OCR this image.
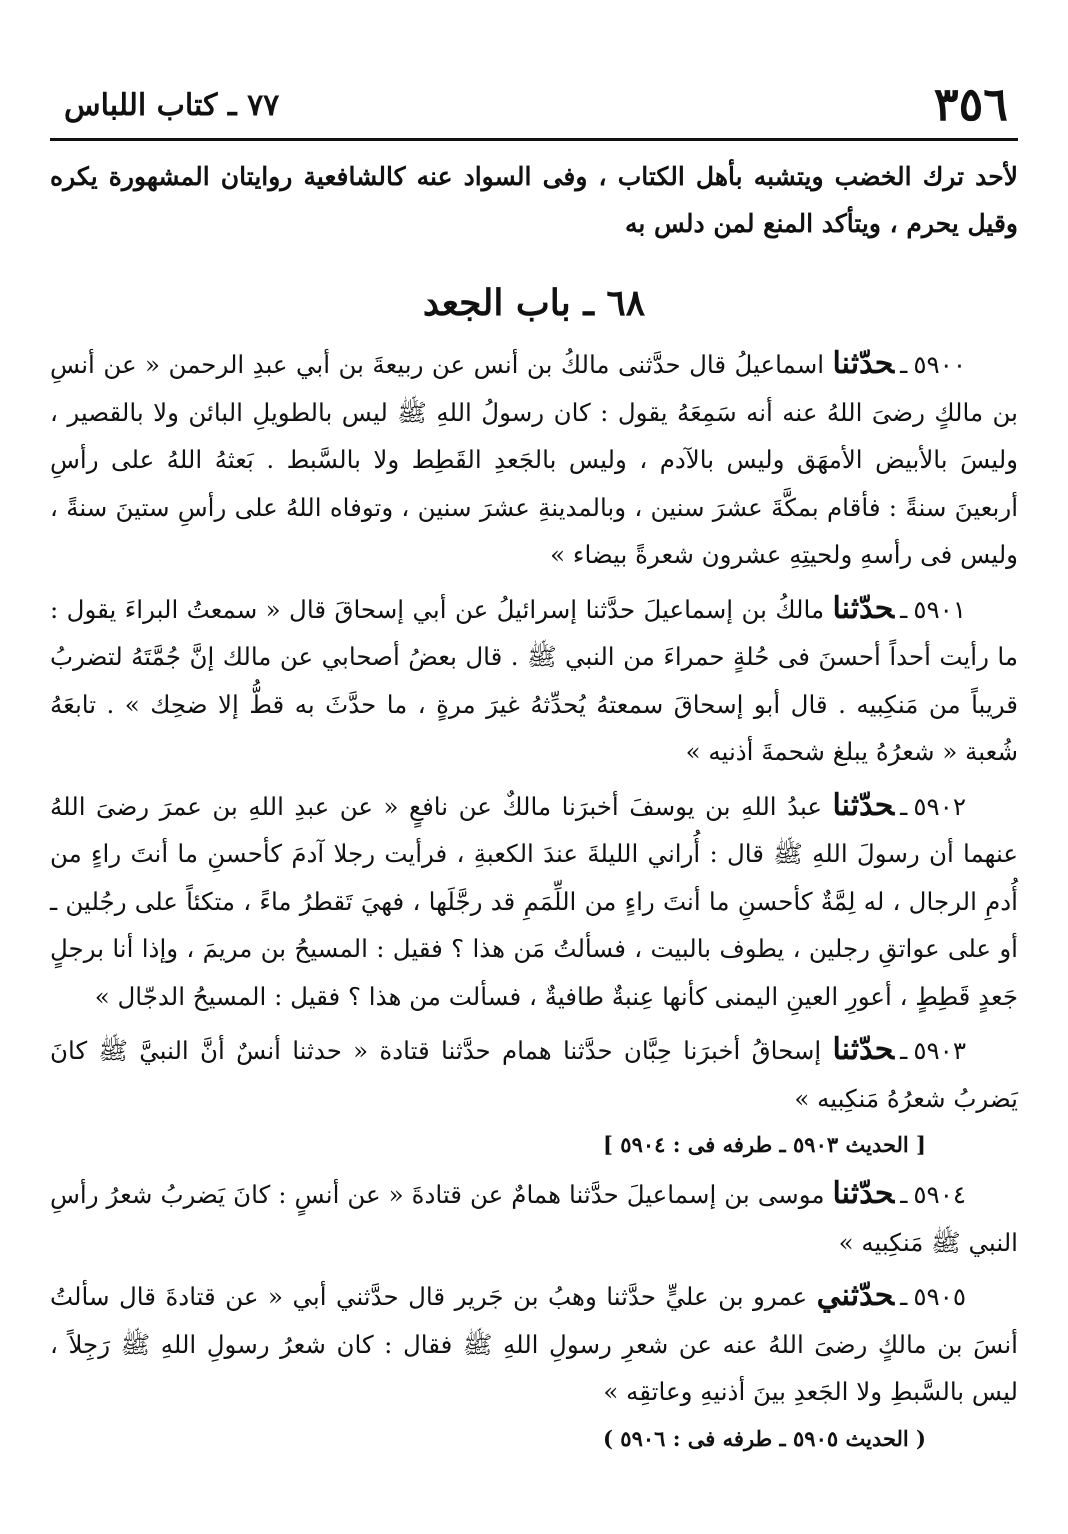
٣٥٦
٧٧ ـ كتاب اللباس

لأحد ترك الخضب ويتشبه بأهل الكتاب ، وفى السواد عنه كالشافعية روايتان المشهورة يكره وقيل يحرم ، ويتأكد المنع لمن دلس به

٦٨ ـ باب الجعد

٥٩٠٠ـحدّثنا اسماعيلُ قال حدَّثنى مالكُ بن أنس عن ربيعةَ بن أبي عبدِ الرحمن « عن أنسِ بن مالكٍ رضىَ اللهُ عنه أنه سَمِعَهُ يقول : كان رسولُ اللهِ ﷺ ليس بالطويلِ البائن ولا بالقصير ، وليسَ بالأبيض الأمهَق وليس بالآدم ، وليس بالجَعدِ القَطِط ولا بالسَّبط . بَعثهُ اللهُ على رأسِ أربعينَ سنةً : فأقام بمكَّةَ عشرَ سنين ، وبالمدينةِ عشرَ سنين ، وتوفاه اللهُ على رأسِ ستينَ سنةً ، وليس فى رأسهِ ولحيتِهِ عشرون شعرةً بيضاء »

٥٩٠١ـحدّثنا مالكُ بن إسماعيلَ حدَّثنا إسرائيلُ عن أبي إسحاقَ قال « سمعتُ البراءَ يقول : ما رأيت أحداً أحسنَ فى حُلةٍ حمراءَ من النبي ﷺ . قال بعضُ أصحابي عن مالك إنَّ جُمَّتَهُ لتضربُ قريباً من مَنكِبيه . قال أبو إسحاقَ سمعتهُ يُحدِّثهُ غيرَ مرةٍ ، ما حدَّثَ به قطُّ إلا ضحِك » . تابعَهُ شُعبة « شعرُهُ يبلغ شحمةَ أذنيه »

٥٩٠٢ـحدّثنا عبدُ اللهِ بن يوسفَ أخبرَنا مالكٌ عن نافعٍ « عن عبدِ اللهِ بن عمرَ رضىَ اللهُ عنهما أن رسولَ اللهِ ﷺ قال : أُراني الليلةَ عندَ الكعبةِ ، فرأيت رجلا آدمَ كأحسنِ ما أنتَ راءٍ من أُدمِ الرجال ، له لِمَّةٌ كأحسنِ ما أنتَ راءٍ من اللِّمَمِ قد رجَّلَها ، فهيَ تَقطرُ ماءً ، متكئاً على رجُلين ـ أو على عواتقِ رجلين ، يطوف بالبيت ، فسألتُ مَن هذا ؟ فقيل : المسيحُ بن مريمَ ، وإذا أنا برجلٍ جَعدٍ قَطِطٍ ، أعورِ العينِ اليمنى كأنها عِنبةٌ طافيةٌ ، فسألت من هذا ؟ فقيل : المسيحُ الدجّال »

٥٩٠٣ـحدّثنا إسحاقُ أخبرَنا حِبَّان حدَّثنا همام حدَّثنا قتادة « حدثنا أنسٌ أنَّ النبيَّ ﷺ كانَ يَضربُ شعرُهُ مَنكِبيه »

[ الحديث ٥٩٠٣ ـ طرفه فى : ٥٩٠٤ ]

٥٩٠٤ـحدّثنا موسى بن إسماعيلَ حدَّثنا همامٌ عن قتادةَ « عن أنسٍ : كانَ يَضربُ شعرُ رأسِ النبي ﷺ مَنكِبيه »

٥٩٠٥ـحدّثني عمرو بن عليٍّ حدَّثنا وهبُ بن جَرير قال حدَّثني أبي « عن قتادةَ قال سألتُ أنسَ بن مالكٍ رضىَ اللهُ عنه عن شعرِ رسولِ اللهِ ﷺ فقال : كان شعرُ رسولِ اللهِ ﷺ رَجِلاً ، ليس بالسَّبطِ ولا الجَعدِ بينَ أذنيهِ وعاتقِه »

( الحديث ٥٩٠٥ ـ طرفه فى : ٥٩٠٦ )
